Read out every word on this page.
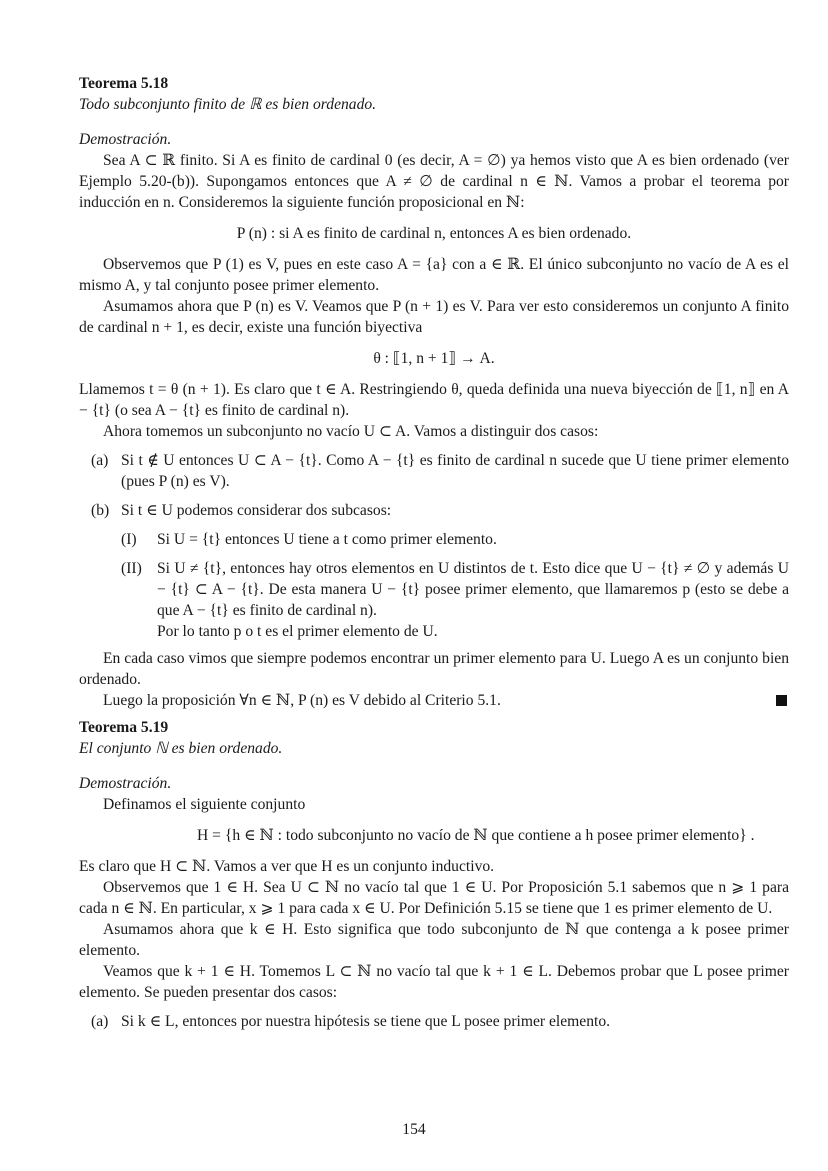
Teorema 5.18

Todo subconjunto finito de ℝ es bien ordenado.

Demostración.

Sea A ⊂ ℝ finito. Si A es finito de cardinal 0 (es decir, A = ∅) ya hemos visto que A es bien ordenado (ver Ejemplo 5.20-(b)). Supongamos entonces que A ≠ ∅ de cardinal n ∈ ℕ. Vamos a probar el teorema por inducción en n. Consideremos la siguiente función proposicional en ℕ:

P (n) : si A es finito de cardinal n, entonces A es bien ordenado.

Observemos que P (1) es V, pues en este caso A = {a} con a ∈ ℝ. El único subconjunto no vacío de A es el mismo A, y tal conjunto posee primer elemento.

Asumamos ahora que P (n) es V. Veamos que P (n + 1) es V. Para ver esto consideremos un conjunto A finito de cardinal n + 1, es decir, existe una función biyectiva

θ : ⟦1, n + 1⟧ → A.

Llamemos t = θ (n + 1). Es claro que t ∈ A. Restringiendo θ, queda definida una nueva biyección de ⟦1, n⟧ en A − {t} (o sea A − {t} es finito de cardinal n).

Ahora tomemos un subconjunto no vacío U ⊂ A. Vamos a distinguir dos casos:

(a) Si t ∉ U entonces U ⊂ A − {t}. Como A − {t} es finito de cardinal n sucede que U tiene primer elemento (pues P (n) es V).
(b) Si t ∈ U podemos considerar dos subcasos:
(I)	Si U = {t} entonces U tiene a t como primer elemento.
(II) Si U ≠ {t}, entonces hay otros elementos en U distintos de t. Esto dice que U − {t} ≠ ∅ y además U − {t} ⊂ A − {t}. De esta manera U − {t} posee primer elemento, que llamaremos p (esto se debe a que A − {t} es finito de cardinal n).
Por lo tanto p o t es el primer elemento de U.

En cada caso vimos que siempre podemos encontrar un primer elemento para U. Luego A es un conjunto bien ordenado.

Luego la proposición ∀n ∈ ℕ, P (n) es V debido al Criterio 5.1.

Teorema 5.19

El conjunto ℕ es bien ordenado.

Demostración.

Definamos el siguiente conjunto

H = {h ∈ ℕ : todo subconjunto no vacío de ℕ que contiene a h posee primer elemento} .

Es claro que H ⊂ ℕ. Vamos a ver que H es un conjunto inductivo.

Observemos que 1 ∈ H. Sea U ⊂ ℕ no vacío tal que 1 ∈ U. Por Proposición 5.1 sabemos que n ⩾ 1 para cada n ∈ ℕ. En particular, x ⩾ 1 para cada x ∈ U. Por Definición 5.15 se tiene que 1 es primer elemento de U.

Asumamos ahora que k ∈ H. Esto significa que todo subconjunto de ℕ que contenga a k posee primer elemento.

Veamos que k + 1 ∈ H. Tomemos L ⊂ ℕ no vacío tal que k + 1 ∈ L. Debemos probar que L posee primer elemento. Se pueden presentar dos casos:

(a) Si k ∈ L, entonces por nuestra hipótesis se tiene que L posee primer elemento.
154
